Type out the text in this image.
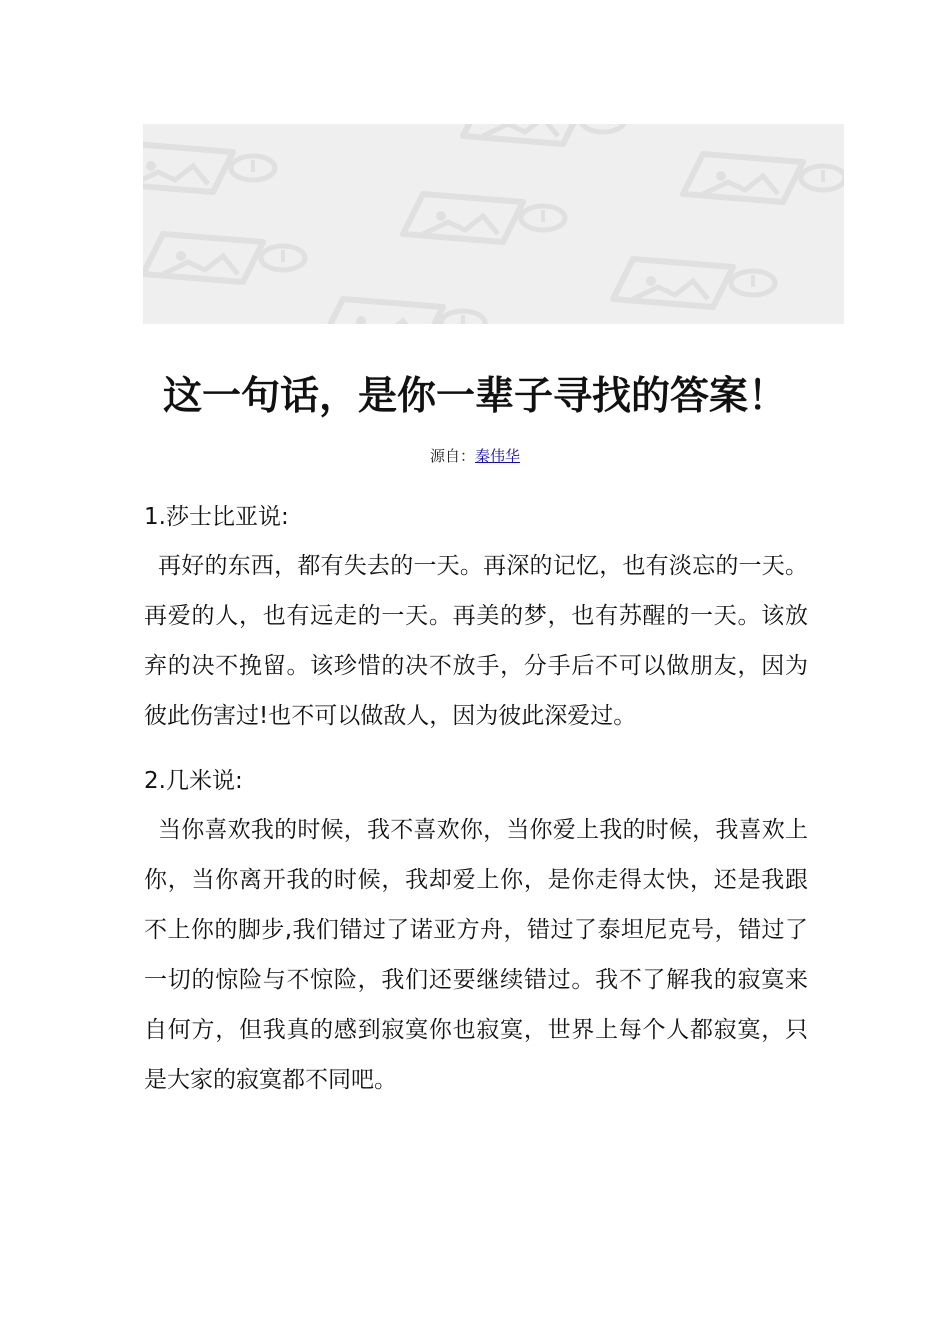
这一句话，是你一辈子寻找的答案！
源自：秦伟华
1.莎士比亚说:

再好的东西，都有失去的一天。再深的记忆，也有淡忘的一天。再爱的人，也有远走的一天。再美的梦，也有苏醒的一天。该放弃的决不挽留。该珍惜的决不放手，分手后不可以做朋友，因为彼此伤害过!也不可以做敌人，因为彼此深爱过。

2.几米说:

当你喜欢我的时候，我不喜欢你，当你爱上我的时候，我喜欢上你，当你离开我的时候，我却爱上你，是你走得太快，还是我跟不上你的脚步,我们错过了诺亚方舟，错过了泰坦尼克号，错过了一切的惊险与不惊险，我们还要继续错过。我不了解我的寂寞来自何方，但我真的感到寂寞你也寂寞，世界上每个人都寂寞，只是大家的寂寞都不同吧。
